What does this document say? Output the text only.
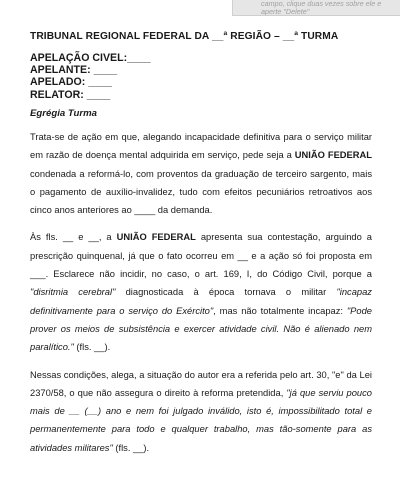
campo, clique duas vezes sobre ele e
aperte "Delete"
TRIBUNAL REGIONAL FEDERAL DA __ª REGIÃO – __ª TURMA
APELAÇÃO CIVEL:____
APELANTE: ____
APELADO: ____
RELATOR: ____
Egrégia Turma

Trata-se de ação em que, alegando incapacidade definitiva para o serviço militar em razão de doença mental adquirida em serviço, pede seja a UNIÃO FEDERAL condenada a reformá-lo, com proventos da graduação de terceiro sargento, mais o pagamento de auxílio-invalidez, tudo com efeitos pecuniários retroativos aos cinco anos anteriores ao ____ da demanda.

Às fls. __ e __, a UNIÃO FEDERAL apresenta sua contestação, arguindo a prescrição quinquenal, já que o fato ocorreu em __ e a ação só foi proposta em ___. Esclarece não incidir, no caso, o art. 169, I, do Código Civil, porque a "disritmia cerebral" diagnosticada à época tornava o militar "incapaz definitivamente para o serviço do Exército", mas não totalmente incapaz: "Pode prover os meios de subsistência e exercer atividade civil. Não é alienado nem paralítico." (fls. __).

Nessas condições, alega, a situação do autor era a referida pelo art. 30, "e" da Lei 2370/58, o que não assegura o direito à reforma pretendida, "já que serviu pouco mais de __ (__) ano e nem foi julgado inválido, isto é, impossibilitado total e permanentemente para todo e qualquer trabalho, mas tão-somente para as atividades militares" (fls. __).
